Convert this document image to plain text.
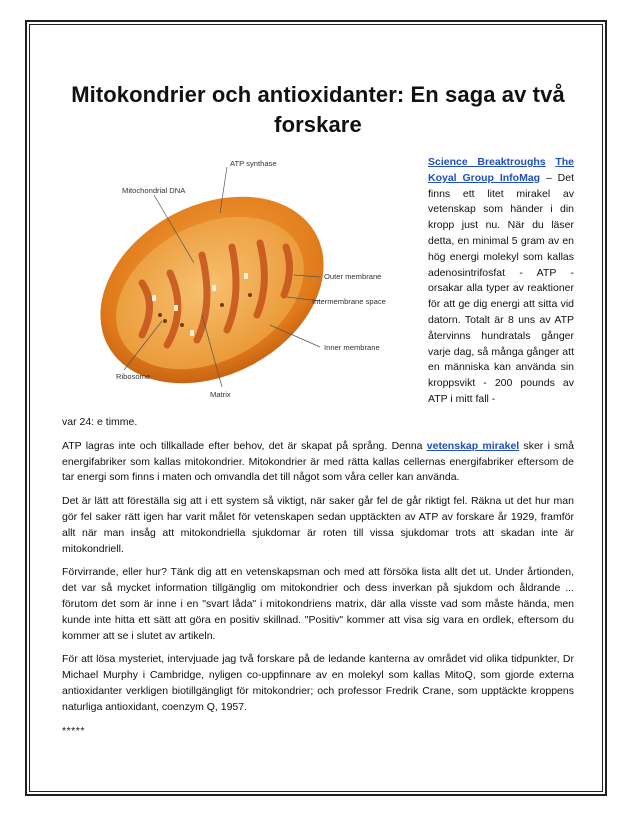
Mitokondrier och antioxidanter: En saga av två forskare
ATP synthase
Mitochondrial DNA
Outer membrane
Intermembrane space
Ribosome
Inner membrane
Matrix
Science Breaktroughs The Koyal Group InfoMag – Det finns ett litet mirakel av vetenskap som händer i din kropp just nu. När du läser detta, en minimal 5 gram av en hög energi molekyl som kallas adenosintrifosfat - ATP - orsakar alla typer av reaktioner för att ge dig energi att sitta vid datorn. Totalt är 8 uns av ATP återvinns hundratals gånger varje dag, så många gånger att en människa kan använda sin kroppsvikt - 200 pounds av ATP i mitt fall -
var 24: e timme.

ATP lagras inte och tillkallade efter behov, det är skapat på språng. Denna vetenskap mirakel sker i små energifabriker som kallas mitokondrier. Mitokondrier är med rätta kallas cellernas energifabriker eftersom de tar energi som finns i maten och omvandla det till något som våra celler kan använda.

Det är lätt att föreställa sig att i ett system så viktigt, när saker går fel de går riktigt fel. Räkna ut det hur man gör fel saker rätt igen har varit målet för vetenskapen sedan upptäckten av ATP av forskare år 1929, framför allt när man insåg att mitokondriella sjukdomar är roten till vissa sjukdomar trots att skadan inte är mitokondriell.

Förvirrande, eller hur? Tänk dig att en vetenskapsman och med att försöka lista allt det ut. Under årtionden, det var så mycket information tillgänglig om mitokondrier och dess inverkan på sjukdom och åldrande ... förutom det som är inne i en "svart låda" i mitokondriens matrix, där alla visste vad som måste hända, men kunde inte hitta ett sätt att göra en positiv skillnad. "Positiv" kommer att visa sig vara en ordlek, eftersom du kommer att se i slutet av artikeln.

För att lösa mysteriet, intervjuade jag två forskare på de ledande kanterna av området vid olika tidpunkter, Dr Michael Murphy i Cambridge, nyligen co-uppfinnare av en molekyl som kallas MitoQ, som gjorde externa antioxidanter verkligen biotillgängligt för mitokondrier; och professor Fredrik Crane, som upptäckte kroppens naturliga antioxidant, coenzym Q, 1957.

*****
